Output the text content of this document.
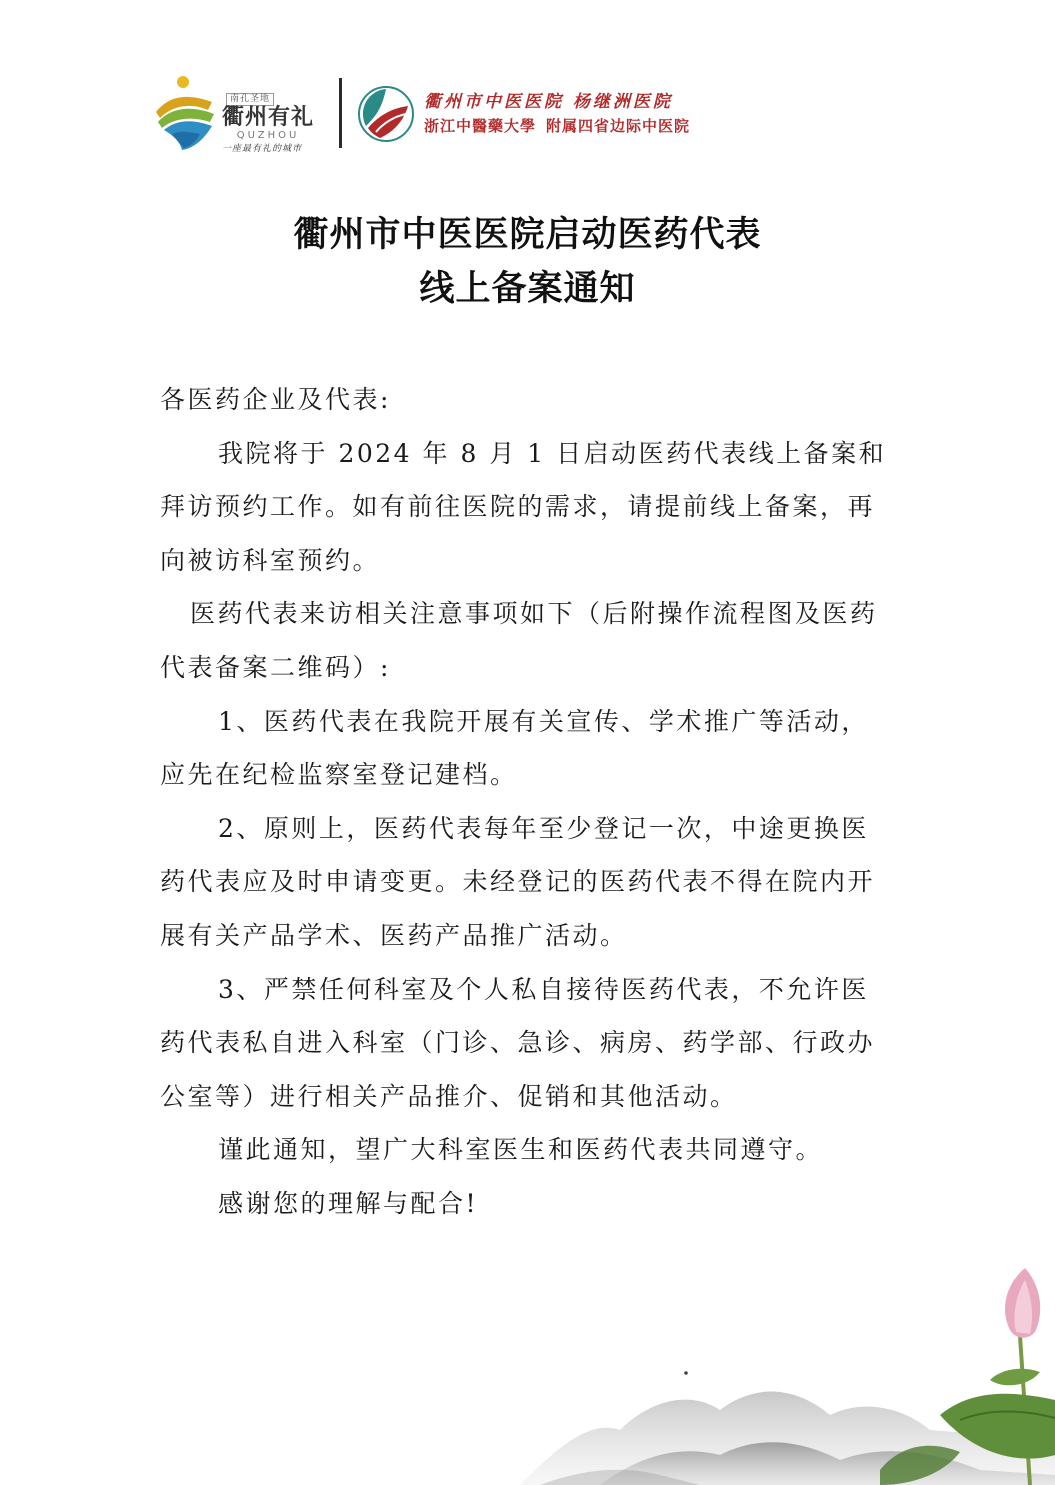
南孔圣地
衢州有礼
QUZHOU
一座最有礼的城市
衢州市中医医院 杨继洲医院
浙江中醫藥大學 附属四省边际中医院
衢州市中医医院启动医药代表
线上备案通知

各医药企业及代表:

我院将于 2024 年 8 月 1 日启动医药代表线上备案和拜访预约工作。如有前往医院的需求，请提前线上备案，再向被访科室预约。

医药代表来访相关注意事项如下（后附操作流程图及医药代表备案二维码）:

1、医药代表在我院开展有关宣传、学术推广等活动，应先在纪检监察室登记建档。

2、原则上，医药代表每年至少登记一次，中途更换医药代表应及时申请变更。未经登记的医药代表不得在院内开展有关产品学术、医药产品推广活动。

3、严禁任何科室及个人私自接待医药代表，不允许医药代表私自进入科室（门诊、急诊、病房、药学部、行政办公室等）进行相关产品推介、促销和其他活动。

谨此通知，望广大科室医生和医药代表共同遵守。

感谢您的理解与配合!
